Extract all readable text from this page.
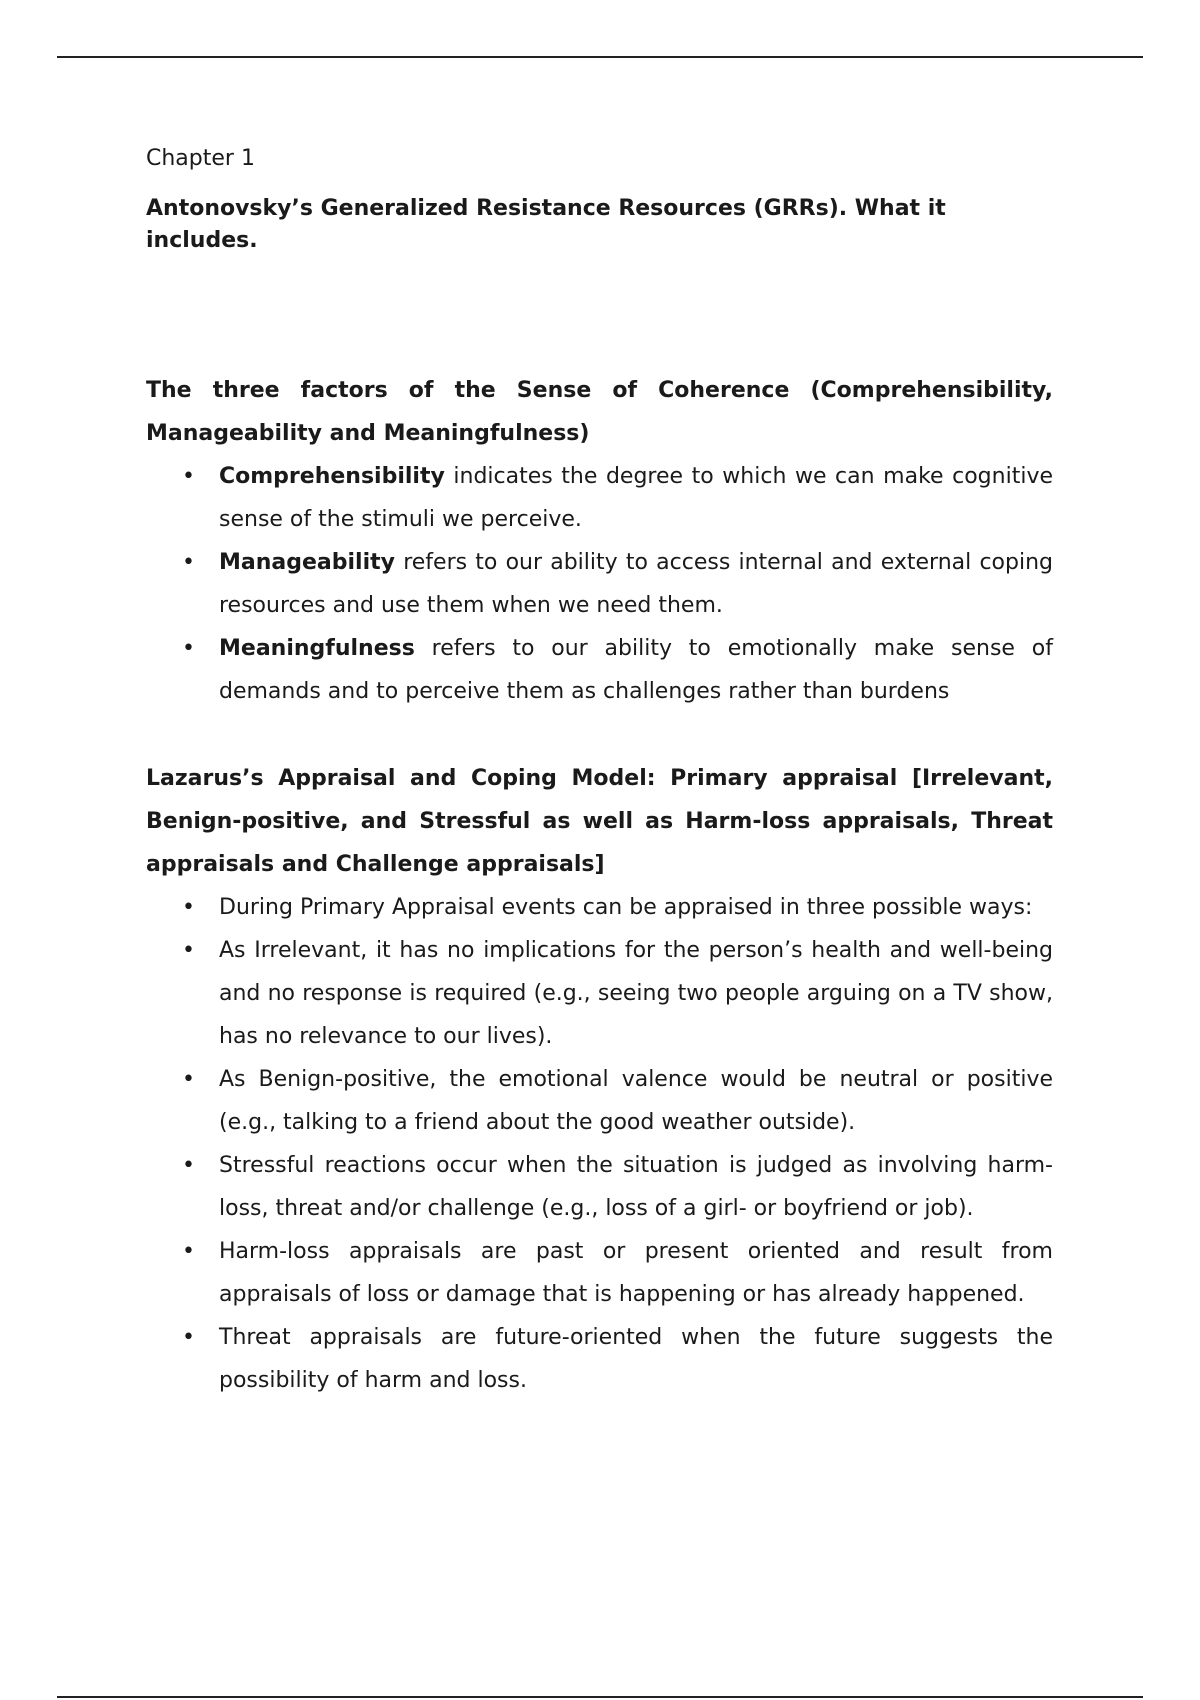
Chapter 1

Antonovsky’s Generalized Resistance Resources (GRRs). What it includes.

The three factors of the Sense of Coherence (Comprehensibility, Manageability and Meaningfulness)

• Comprehensibility indicates the degree to which we can make cognitive sense of the stimuli we perceive.
• Manageability refers to our ability to access internal and external coping resources and use them when we need them.
• Meaningfulness refers to our ability to emotionally make sense of demands and to perceive them as challenges rather than burdens

Lazarus’s Appraisal and Coping Model: Primary appraisal [Irrelevant, Benign-positive, and Stressful as well as Harm-loss appraisals, Threat appraisals and Challenge appraisals]

• During Primary Appraisal events can be appraised in three possible ways:
• As Irrelevant, it has no implications for the person’s health and well-being and no response is required (e.g., seeing two people arguing on a TV show, has no relevance to our lives).
• As Benign-positive, the emotional valence would be neutral or positive (e.g., talking to a friend about the good weather outside).
• Stressful reactions occur when the situation is judged as involving harm-loss, threat and/or challenge (e.g., loss of a girl- or boyfriend or job).
• Harm-loss appraisals are past or present oriented and result from appraisals of loss or damage that is happening or has already happened.
• Threat appraisals are future-oriented when the future suggests the possibility of harm and loss.
